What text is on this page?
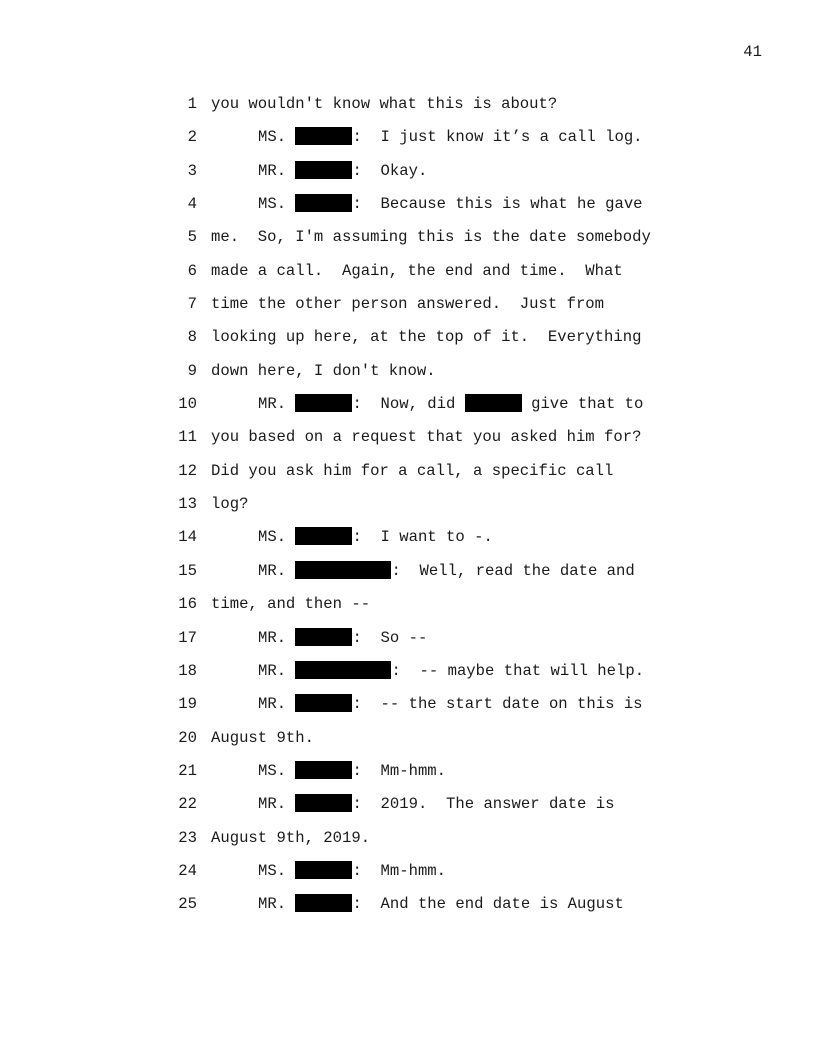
41
1 you wouldn't know what this is about?
2	MS.	:  I just know it’s a call log.
3	MR.	:  Okay.
4	MS.	:  Because this is what he gave
5 me.  So, I'm assuming this is the date somebody
6 made a call.  Again, the end and time.  What
7 time the other person answered.  Just from
8 looking up here, at the top of it.  Everything
9 down here, I don't know.
10	MR.	:  Now, did	give that to
11 you based on a request that you asked him for?
12 Did you ask him for a call, a specific call
13 log?
14	MS.	:  I want to -.
15	MR.	:  Well, read the date and
16 time, and then --
17	MR.	:  So --
18	MR.	:  -- maybe that will help.
19	MR.	:  -- the start date on this is
20 August 9th.
21	MS.	:  Mm-hmm.
22	MR.	:  2019.  The answer date is
23 August 9th, 2019.
24	MS.	:  Mm-hmm.
25	MR.	:  And the end date is August
